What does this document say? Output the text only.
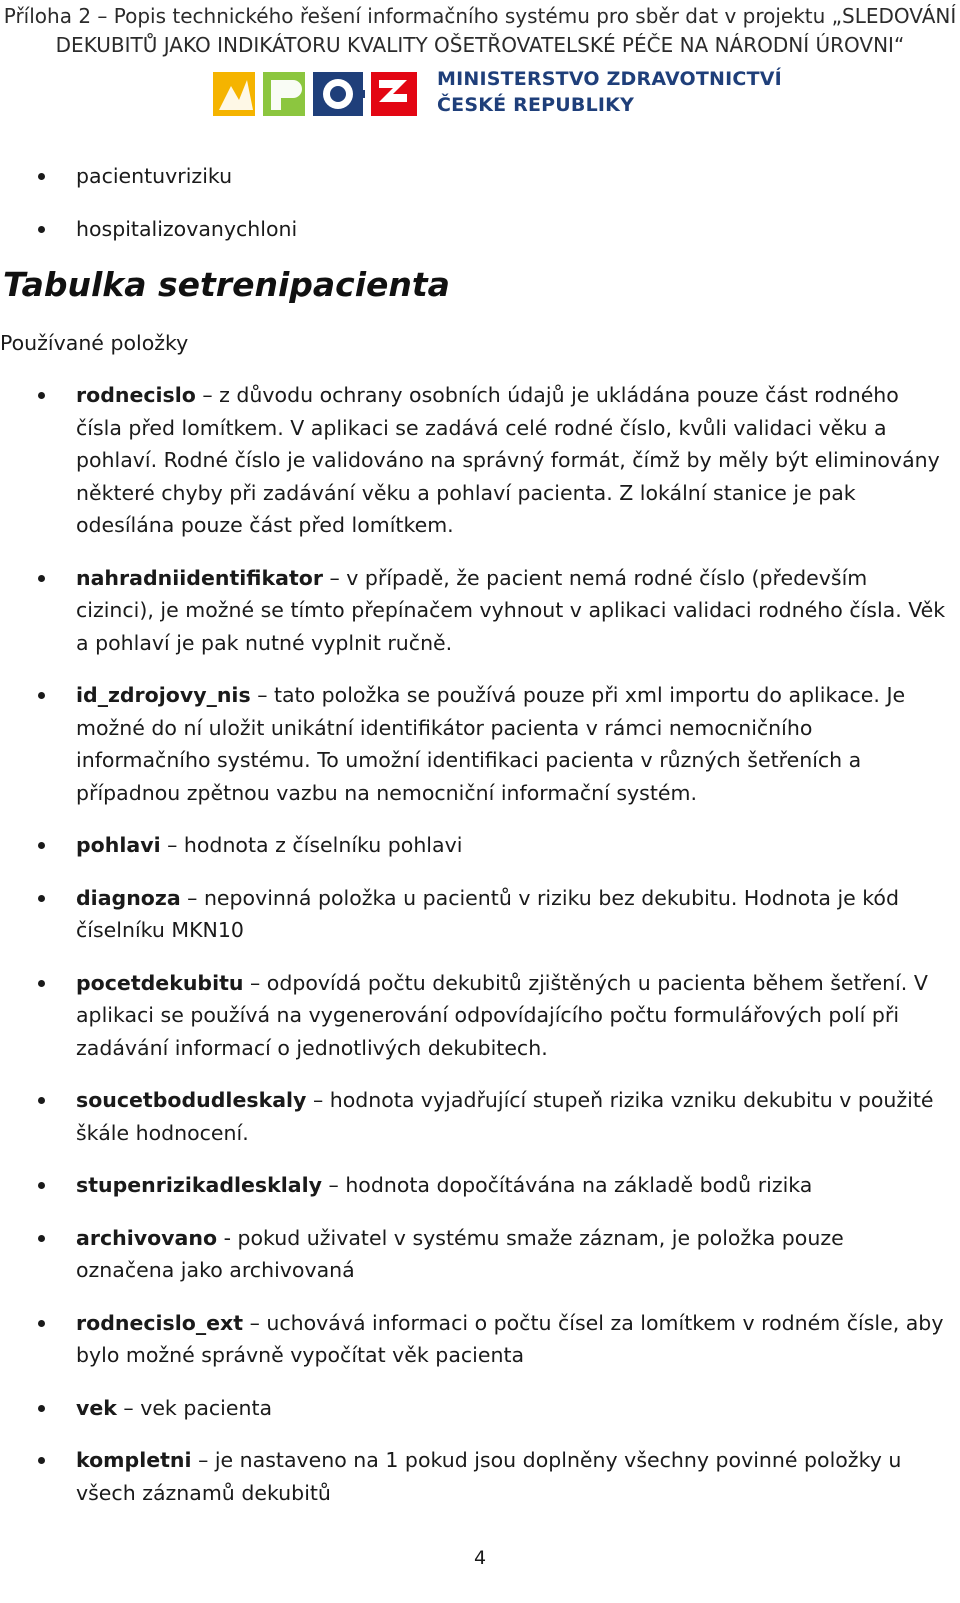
Příloha 2 – Popis technického řešení informačního systému pro sběr dat v projektu „SLEDOVÁNÍ
DEKUBITŮ JAKO INDIKÁTORU KVALITY OŠETŘOVATELSKÉ PÉČE NA NÁRODNÍ ÚROVNI“
MINISTERSTVO ZDRAVOTNICTVÍ
ČESKÉ REPUBLIKY
pacientuvriziku
hospitalizovanychloni
Tabulka setrenipacienta
Používané položky
rodnecislo – z důvodu ochrany osobních údajů je ukládána pouze část rodného čísla před lomítkem. V aplikaci se zadává celé rodné číslo, kvůli validaci věku a pohlaví. Rodné číslo je validováno na správný formát, čímž by měly být eliminovány některé chyby při zadávání věku a pohlaví pacienta. Z lokální stanice je pak odesílána pouze část před lomítkem.
nahradniidentifikator – v případě, že pacient nemá rodné číslo (především cizinci), je možné se tímto přepínačem vyhnout v aplikaci validaci rodného čísla. Věk a pohlaví je pak nutné vyplnit ručně.
id_zdrojovy_nis – tato položka se používá pouze při xml importu do aplikace. Je možné do ní uložit unikátní identifikátor pacienta v rámci nemocničního informačního systému. To umožní identifikaci pacienta v různých šetřeních a případnou zpětnou vazbu na nemocniční informační systém.
pohlavi – hodnota z číselníku pohlavi
diagnoza – nepovinná položka u pacientů v riziku bez dekubitu. Hodnota je kód číselníku MKN10
pocetdekubitu – odpovídá počtu dekubitů zjištěných u pacienta během šetření. V aplikaci se používá na vygenerování odpovídajícího počtu formulářových polí při zadávání informací o jednotlivých dekubitech.
soucetbodudleskaly – hodnota vyjadřující stupeň rizika vzniku dekubitu v použité škále hodnocení.
stupenrizikadlesklaly – hodnota dopočítávána na základě bodů rizika
archivovano - pokud uživatel v systému smaže záznam, je položka pouze označena jako archivovaná
rodnecislo_ext – uchovává informaci o počtu čísel za lomítkem v rodném čísle, aby bylo možné správně vypočítat věk pacienta
vek – vek pacienta
kompletni – je nastaveno na 1 pokud jsou doplněny všechny povinné položky u všech záznamů dekubitů
4
